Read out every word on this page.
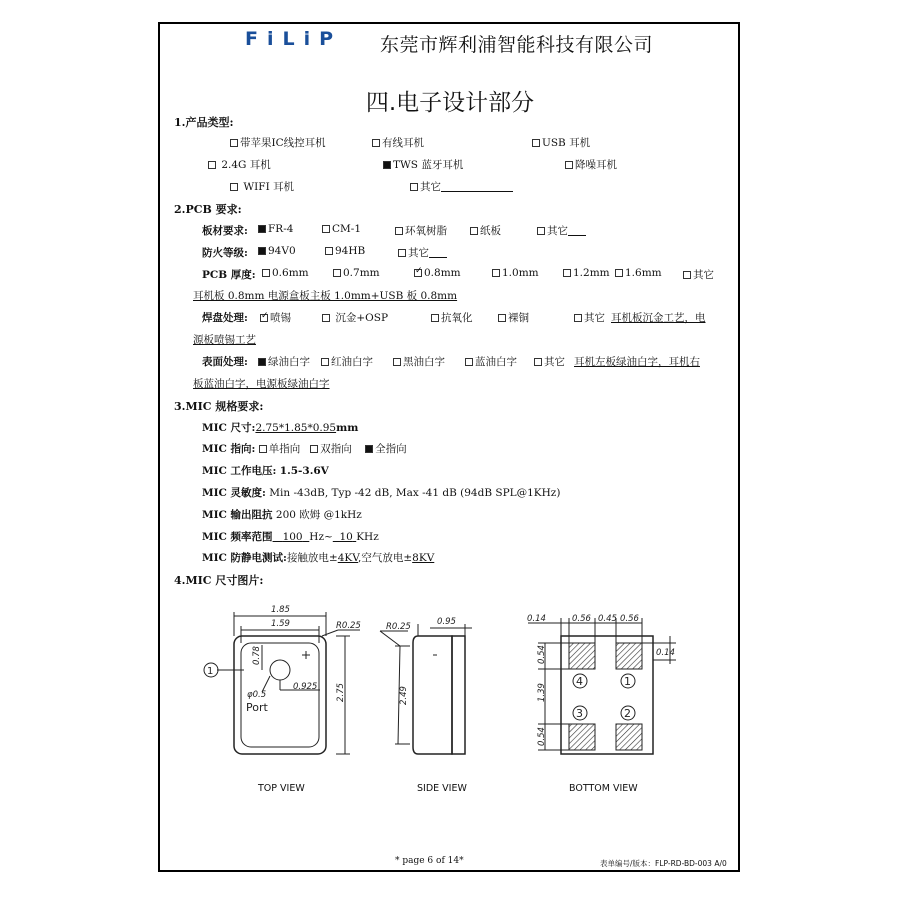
FiLiP 东莞市辉利浦智能科技有限公司
四.电子设计部分
1.产品类型:
带苹果IC线控耳机	有线耳机	USB 耳机
2.4G 耳机	TWS 蓝牙耳机	降噪耳机
WIFI 耳机	其它
2.PCB 要求:
板材要求:	FR-4	CM-1	环氧树脂	纸板	其它
防火等级:	94V0	94HB	其它
PCB 厚度:	0.6mm	0.7mm ✓	0.8mm	1.0mm	1.2mm	1.6mm	其它
耳机板 0.8mm 电源盒板主板 1.0mm+USB 板 0.8mm
焊盘处理: ✓	喷锡	沉金+OSP	抗氧化	裸铜	其它 耳机板沉金工艺，电
源板喷锡工艺
表面处理:	绿油白字	红油白字	黑油白字	蓝油白字	其它 耳机左板绿油白字，耳机右
板蓝油白字，电源板绿油白字
3.MIC 规格要求:
MIC 尺寸:2.75*1.85*0.95mm
MIC 指向: 单指向 双指向 全指向
MIC 工作电压: 1.5-3.6V
MIC 灵敏度: Min -43dB, Typ -42 dB, Max -41 dB (94dB SPL@1KHz)
MIC 输出阻抗 200 欧姆 @1kHz
MIC 频率范围 100 Hz~ 10 KHz
MIC 防静电测试:接触放电±4KV,空气放电±8KV
4.MIC 尺寸图片:
1.85
1.59	R0.25
1
0.78
φ0.5
0.925
Port
2.75
R0.25	0.95
2.49
0.14	0.56 0.45 0.56
0.14
0.54
1.39
0.54
4	1
3	2
TOP VIEW	SIDE VIEW	BOTTOM VIEW
* page 6 of 14*	表单编号/版本：FLP-RD-BD-003 A/0
